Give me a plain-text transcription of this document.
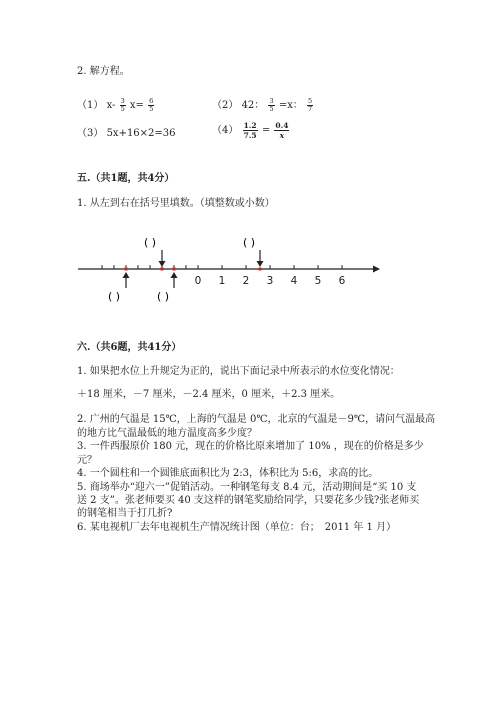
2. 解方程。
（1） $x- \frac{3}{5} x= \frac{6}{5}$	（2） 42： $\frac{3}{5} =x$： $\frac{5}{7}$
（3） 5x+16×2=36	$(4) \frac{1.2}{7.5} = \frac{0.4}{x}$
五.（共1题，共4分）
1. 从左到右在括号里填数。（填整数或小数）
( )	( )
( )	( )
0 1 2 3 4 5 6
六.（共6题，共41分）
1. 如果把水位上升规定为正的，说出下面记录中所表示的水位变化情况：
＋18 厘米，－7 厘米，－2.4 厘米，0 厘米，＋2.3 厘米。
2. 广州的气温是 15℃，上海的气温是 0℃，北京的气温是－9℃，请问气温最高
的地方比气温最低的地方温度高多少度？
3. 一件西服原价 180 元，现在的价格比原来增加了 10% ，现在的价格是多少
元？
4. 一个圆柱和一个圆锥底面积比为 2:3，体积比为 5:6，求高的比。
5. 商场举办“迎六一”促销活动。一种钢笔每支 8.4 元，活动期间是“买 10 支
送 2 支”。张老师要买 40 支这样的钢笔奖励给同学，只要花多少钱?张老师买
的钢笔相当于打几折?
6. 某电视机厂去年电视机生产情况统计图（单位：台；　2011 年 1 月）
